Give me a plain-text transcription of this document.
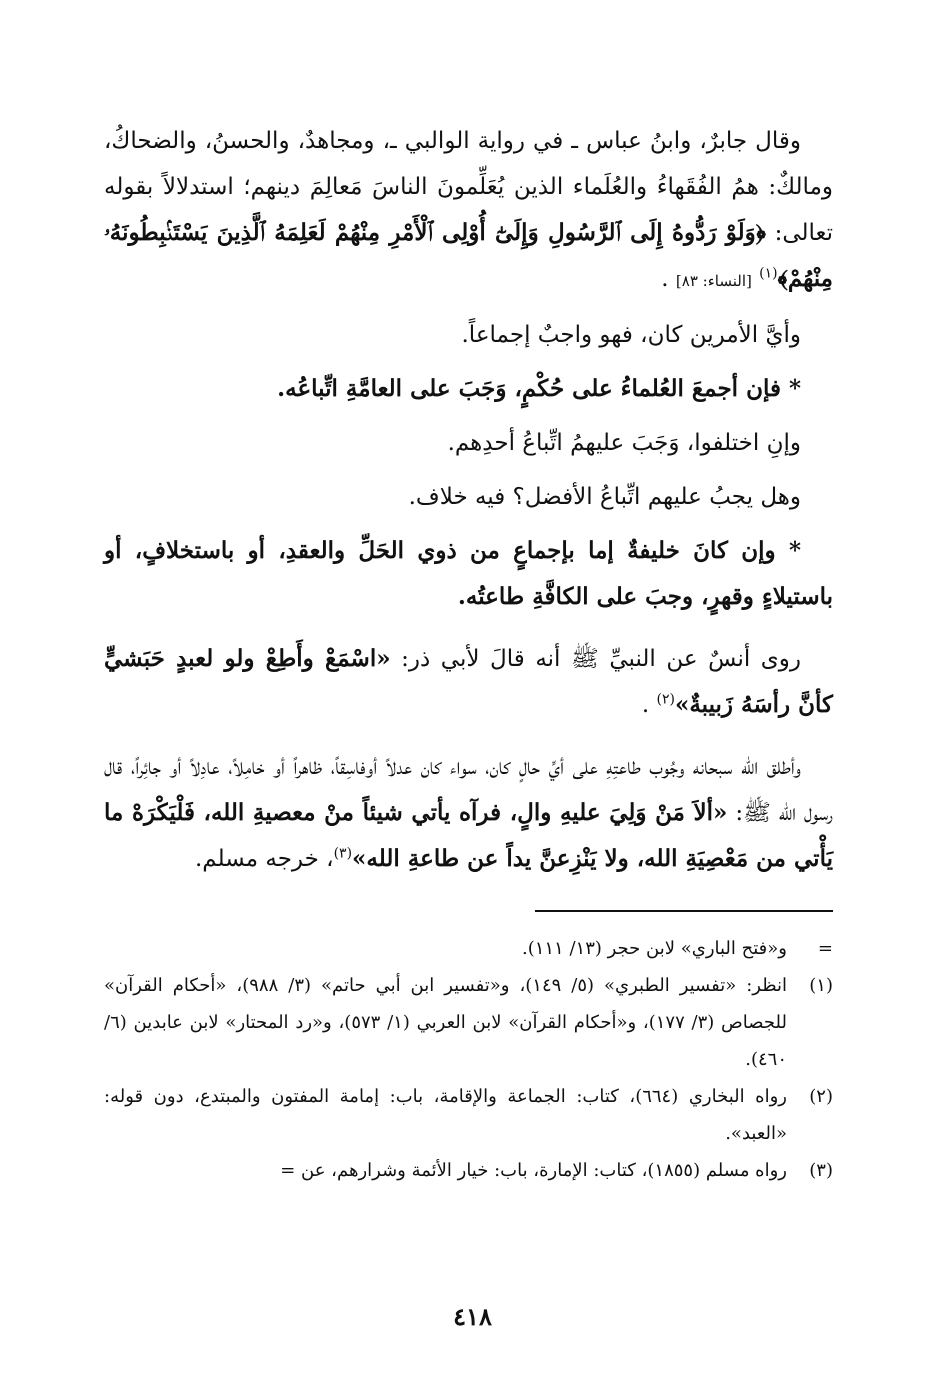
وقال جابرٌ، وابنُ عباس ـ في رواية الوالبي ـ، ومجاهدٌ، والحسنُ، والضحاكُ، ومالكٌ: همُ الفُقَهاءُ والعُلَماء الذين يُعَلِّمونَ الناسَ مَعالِمَ دينهم؛ استدلالاً بقوله تعالى: ﴿وَلَوْ رَدُّوهُ إِلَى ٱلرَّسُولِ وَإِلَىٰٓ أُوْلِى ٱلْأَمْرِ مِنْهُمْ لَعَلِمَهُ ٱلَّذِينَ يَسْتَنۢبِطُونَهُۥ مِنْهُمْ﴾$^{(١)}$ [النساء: ٨٣] .

وأيَّ الأمرين كان، فهو واجبٌ إجماعاً.

* فإن أجمعَ العُلماءُ على حُكْمٍ، وَجَبَ على العامَّةِ اتِّباعُه.

وإنِ اختلفوا، وَجَبَ عليهمُ اتِّباعُ أحدِهم.

وهل يجبُ عليهم اتِّباعُ الأفضل؟ فيه خلاف.

* وإن كانَ خليفةٌ إما بإجماعٍ من ذوي الحَلِّ والعقدِ، أو باستخلافٍ، أو باستيلاءٍ وقهرٍ، وجبَ على الكافَّةِ طاعتُه.

روى أنسٌ عن النبيِّ ﷺ أنه قالَ لأبي ذر: «اسْمَعْ وأَطِعْ ولو لعبدٍ حَبَشيٍّ كأنَّ رأسَهُ زَبيبةٌ»$^{(٢)}$ .

وأطلق الله سبحانه وجُوب طاعتِهِ على أيِّ حالٍ كان، سواء كان عدلاً أوفاسِقاً، ظاهراً أو خامِلاً، عادِلاً أو جائِراً، قال رسول الله ﷺ: «ألاَ مَنْ وَلِيَ عليهِ والٍ، فرآه يأتي شيئاً منْ معصيةِ الله، فَلْيَكْرَهْ ما يَأْتي من مَعْصِيَةِ الله، ولا يَنْزِعنَّ يداً عن طاعةِ الله»$^{(٣)}$، خرجه مسلم.

=
و«فتح الباري» لابن حجر (١٣/ ١١١).
(١)
انظر: «تفسير الطبري» (٥/ ١٤٩)، و«تفسير ابن أبي حاتم» (٣/ ٩٨٨)، «أحكام القرآن» للجصاص (٣/ ١٧٧)، و«أحكام القرآن» لابن العربي (١/ ٥٧٣)، و«رد المحتار» لابن عابدين (٦/ ٤٦٠).
(٢)
رواه البخاري (٦٦٤)، كتاب: الجماعة والإقامة، باب: إمامة المفتون والمبتدع، دون قوله: «العبد».
(٣)
رواه مسلم (١٨٥٥)، كتاب: الإمارة، باب: خيار الأئمة وشرارهم، عن =
٤١٨
